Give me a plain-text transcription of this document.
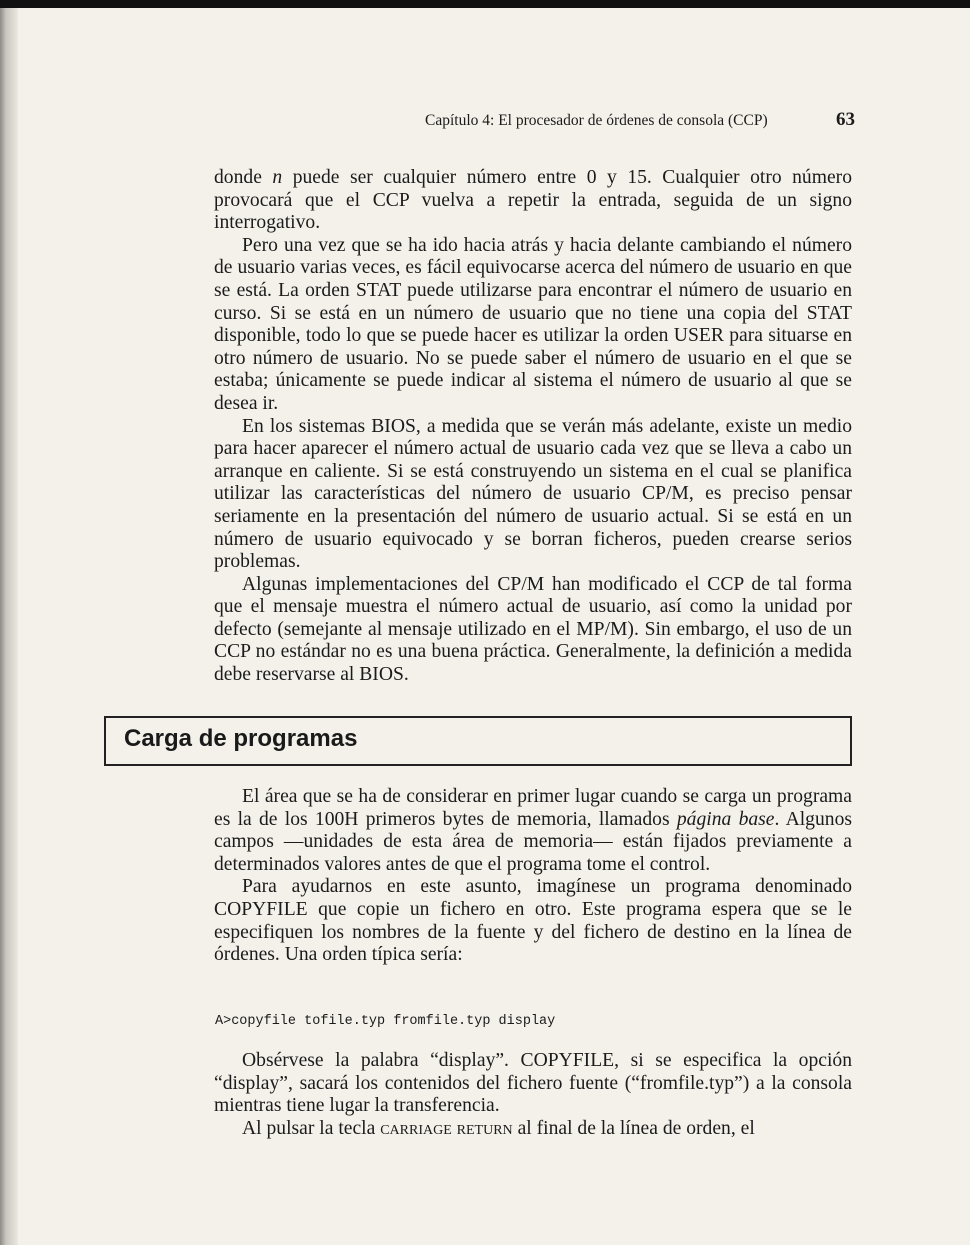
Capítulo 4: El procesador de órdenes de consola (CCP)	63

donde n puede ser cualquier número entre 0 y 15. Cualquier otro número provocará que el CCP vuelva a repetir la entrada, seguida de un signo interrogativo.

Pero una vez que se ha ido hacia atrás y hacia delante cambiando el número de usuario varias veces, es fácil equivocarse acerca del número de usuario en que se está. La orden STAT puede utilizarse para encontrar el número de usuario en curso. Si se está en un número de usuario que no tiene una copia del STAT disponible, todo lo que se puede hacer es utilizar la orden USER para situarse en otro número de usuario. No se puede saber el número de usuario en el que se estaba; únicamente se puede indicar al sistema el número de usuario al que se desea ir.

En los sistemas BIOS, a medida que se verán más adelante, existe un medio para hacer aparecer el número actual de usuario cada vez que se lleva a cabo un arranque en caliente. Si se está construyendo un sistema en el cual se planifica utilizar las características del número de usuario CP/M, es preciso pensar seriamente en la presentación del número de usuario actual. Si se está en un número de usuario equivocado y se borran ficheros, pueden crearse serios problemas.

Algunas implementaciones del CP/M han modificado el CCP de tal forma que el mensaje muestra el número actual de usuario, así como la unidad por defecto (semejante al mensaje utilizado en el MP/M). Sin embargo, el uso de un CCP no estándar no es una buena práctica. Generalmente, la definición a medida debe reservarse al BIOS.

Carga de programas

El área que se ha de considerar en primer lugar cuando se carga un programa es la de los 100H primeros bytes de memoria, llamados página base. Algunos campos —unidades de esta área de memoria— están fijados previamente a determinados valores antes de que el programa tome el control.

Para ayudarnos en este asunto, imagínese un programa denominado COPYFILE que copie un fichero en otro. Este programa espera que se le especifiquen los nombres de la fuente y del fichero de destino en la línea de órdenes. Una orden típica sería:

A>copyfile tofile.typ fromfile.typ display

Obsérvese la palabra “display”. COPYFILE, si se especifica la opción “display”, sacará los contenidos del fichero fuente (“fromfile.typ”) a la consola mientras tiene lugar la transferencia.

Al pulsar la tecla carriage return al final de la línea de orden, el
